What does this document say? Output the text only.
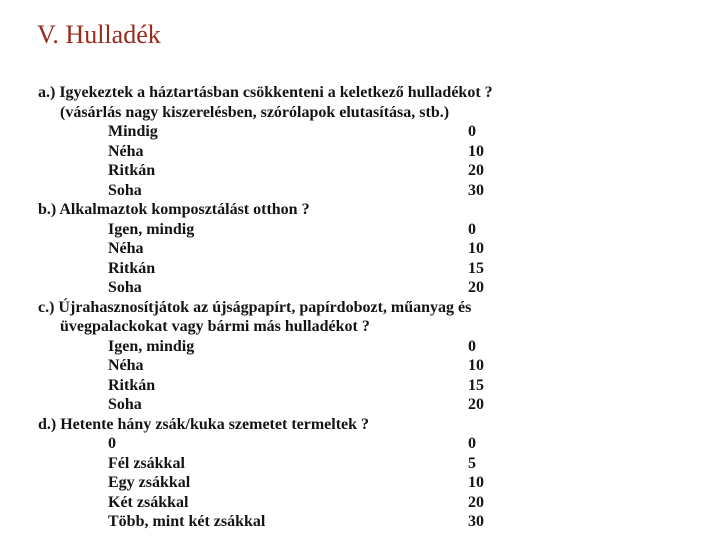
V. Hulladék
a.) Igyekeztek a háztartásban csökkenteni a keletkező hulladékot ?
(vásárlás nagy kiszerelésben, szórólapok elutasítása, stb.)
Mindig	0
Néha	10
Ritkán	20
Soha	30
b.) Alkalmaztok komposztálást otthon ?
Igen, mindig	0
Néha	10
Ritkán	15
Soha	20
c.) Újrahasznosítjátok az újságpapírt, papírdobozt, műanyag és
üvegpalackokat vagy bármi más hulladékot ?
Igen, mindig	0
Néha	10
Ritkán	15
Soha	20
d.) Hetente hány zsák/kuka szemetet termeltek ?
0	0
Fél zsákkal	5
Egy zsákkal	10
Két zsákkal	20
Több, mint két zsákkal	30
